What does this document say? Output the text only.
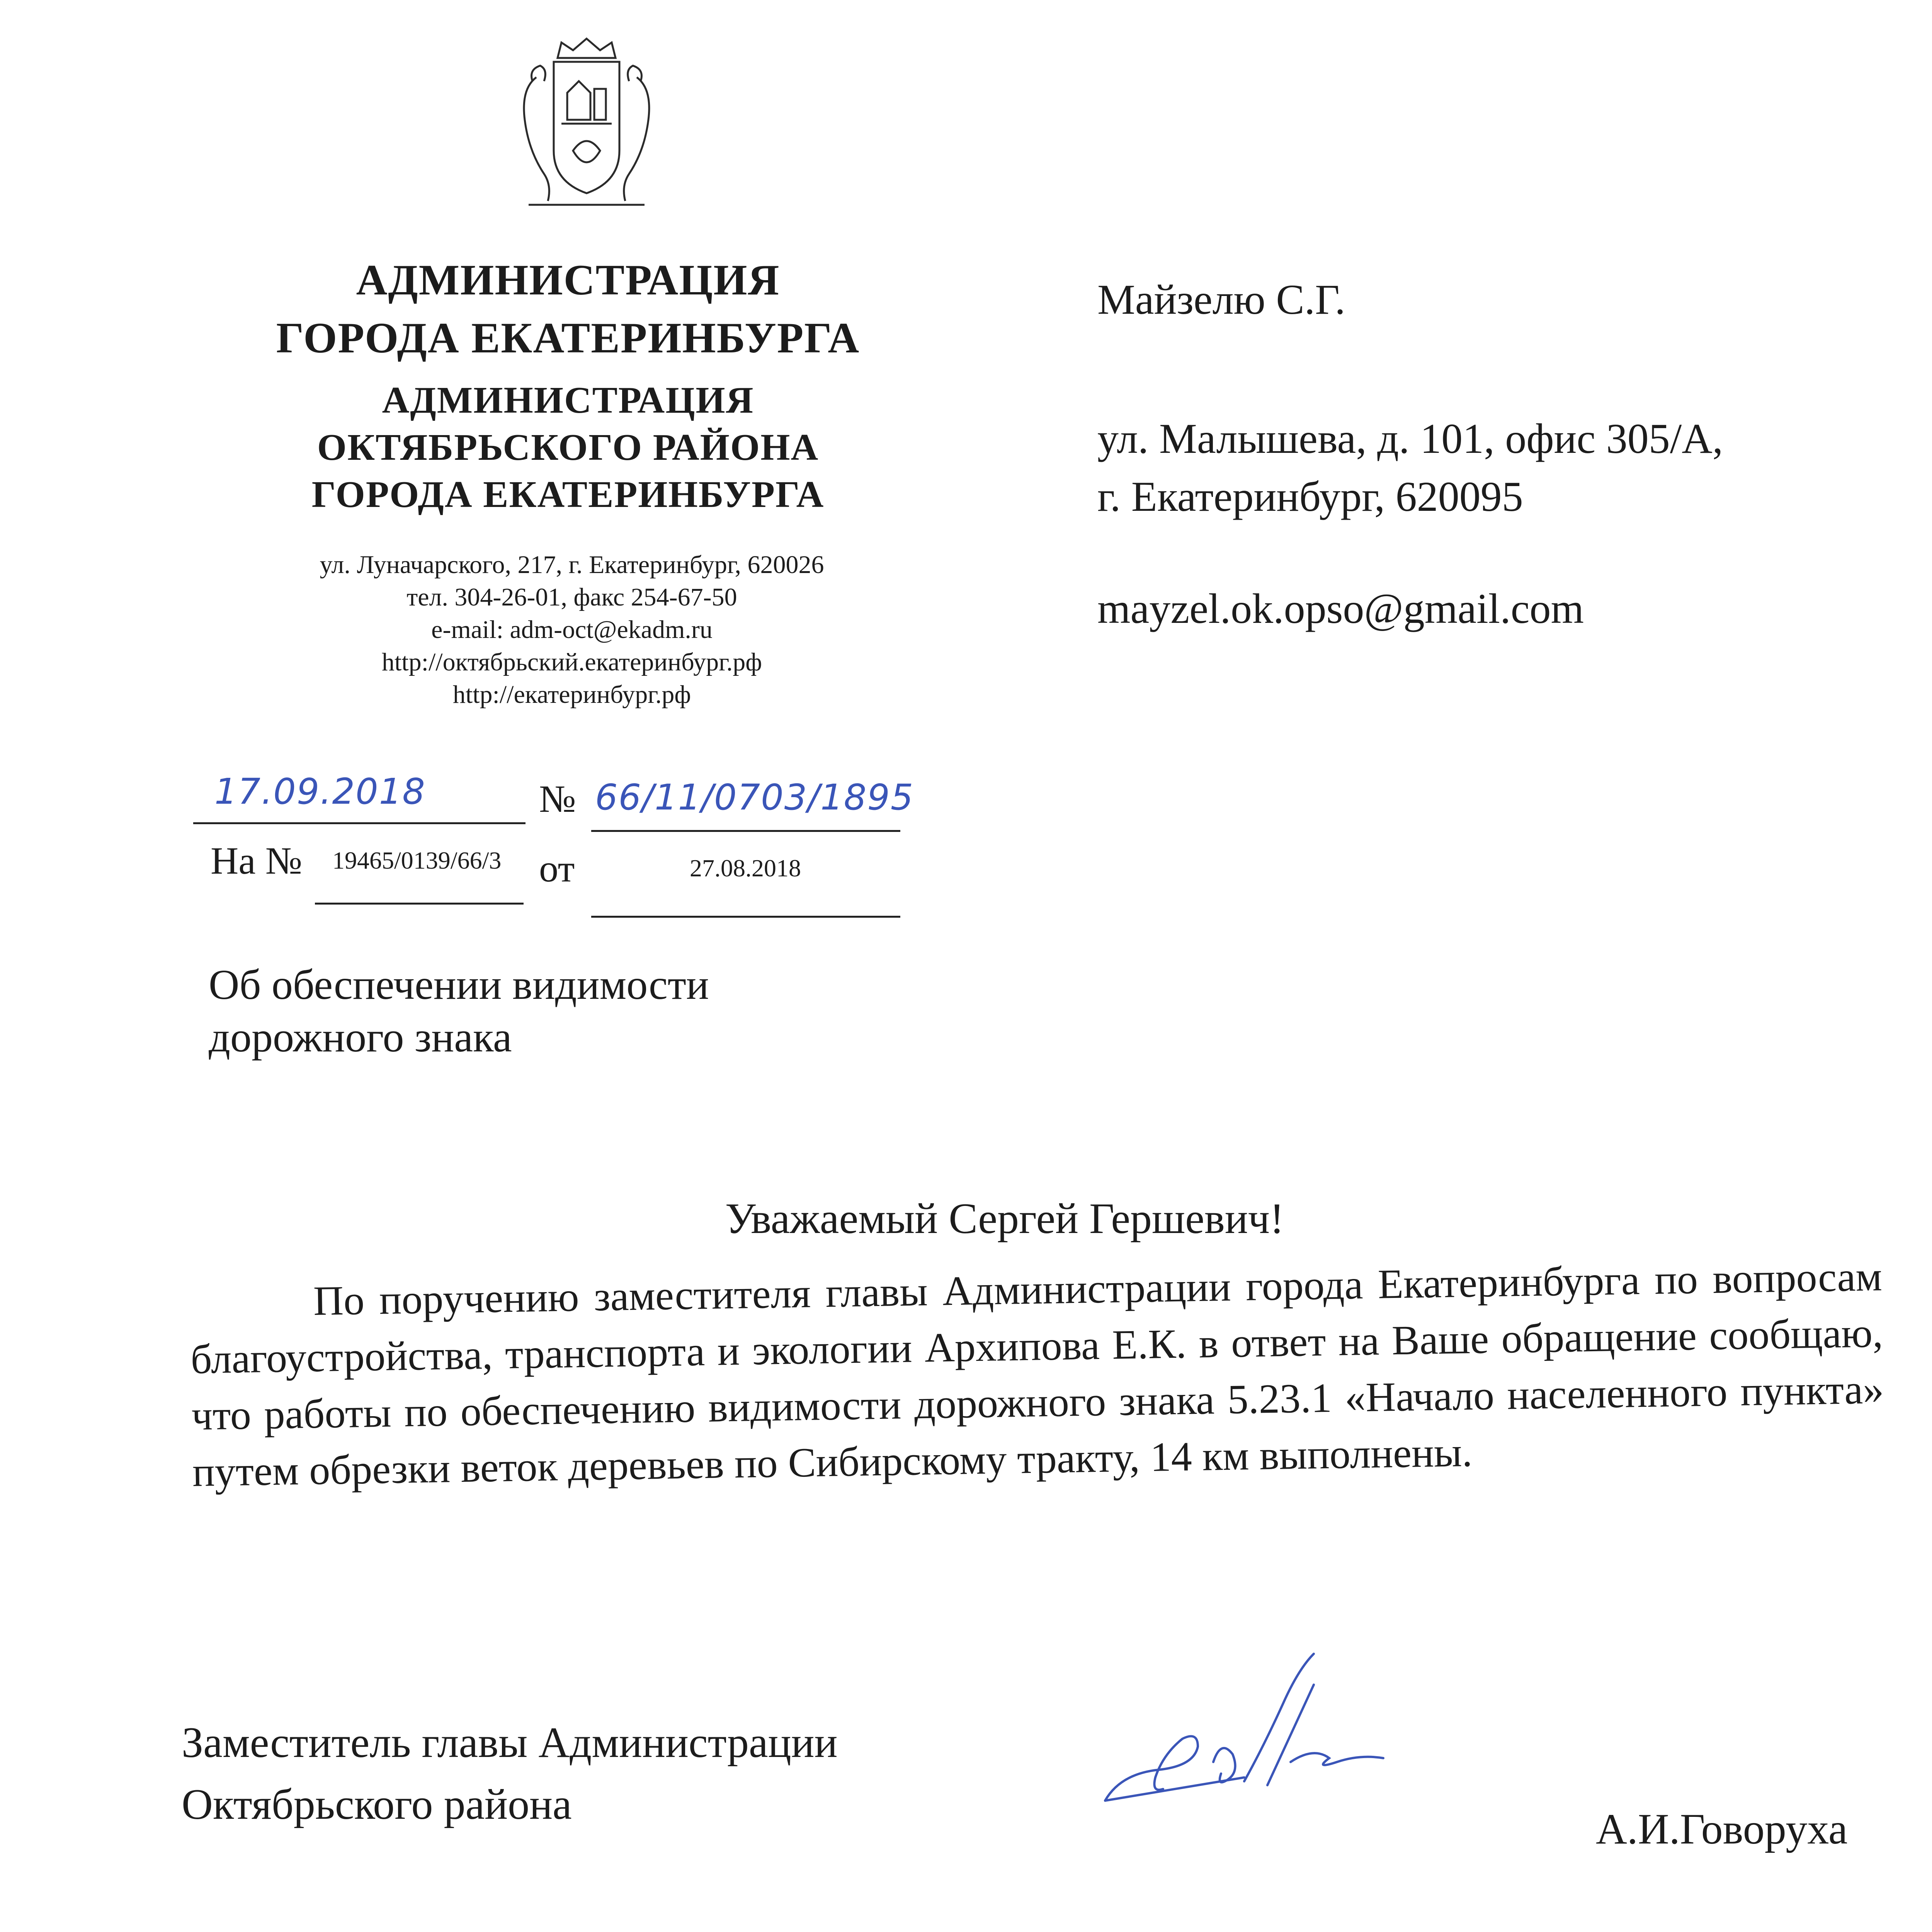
АДМИНИСТРАЦИЯ
ГОРОДА ЕКАТЕРИНБУРГА
АДМИНИСТРАЦИЯ
ОКТЯБРЬСКОГО РАЙОНА
ГОРОДА ЕКАТЕРИНБУРГА
ул. Луначарского, 217, г. Екатеринбург, 620026
тел. 304-26-01, факс 254-67-50
e-mail: adm-oct@ekadm.ru
http://октябрьский.екатеринбург.рф
http://екатеринбург.рф
Майзелю С.Г.
ул. Малышева, д. 101, офис 305/А,
г. Екатеринбург, 620095
mayzel.ok.opso@gmail.com
17.09.2018	№ 66/11/0703/1895
На № 19465/0139/66/3 от	27.08.2018
Об обеспечении видимости
дорожного знака
Уважаемый Сергей Гершевич!

По поручению заместителя главы Администрации города Екатеринбурга по вопросам благоустройства, транспорта и экологии Архипова Е.К. в ответ на Ваше обращение сообщаю, что работы по обеспечению видимости дорожного знака 5.23.1 «Начало населенного пункта» путем обрезки веток деревьев по Сибирскому тракту, 14 км выполнены.

Заместитель главы Администрации
Октябрьского района
А.И.Говоруха
